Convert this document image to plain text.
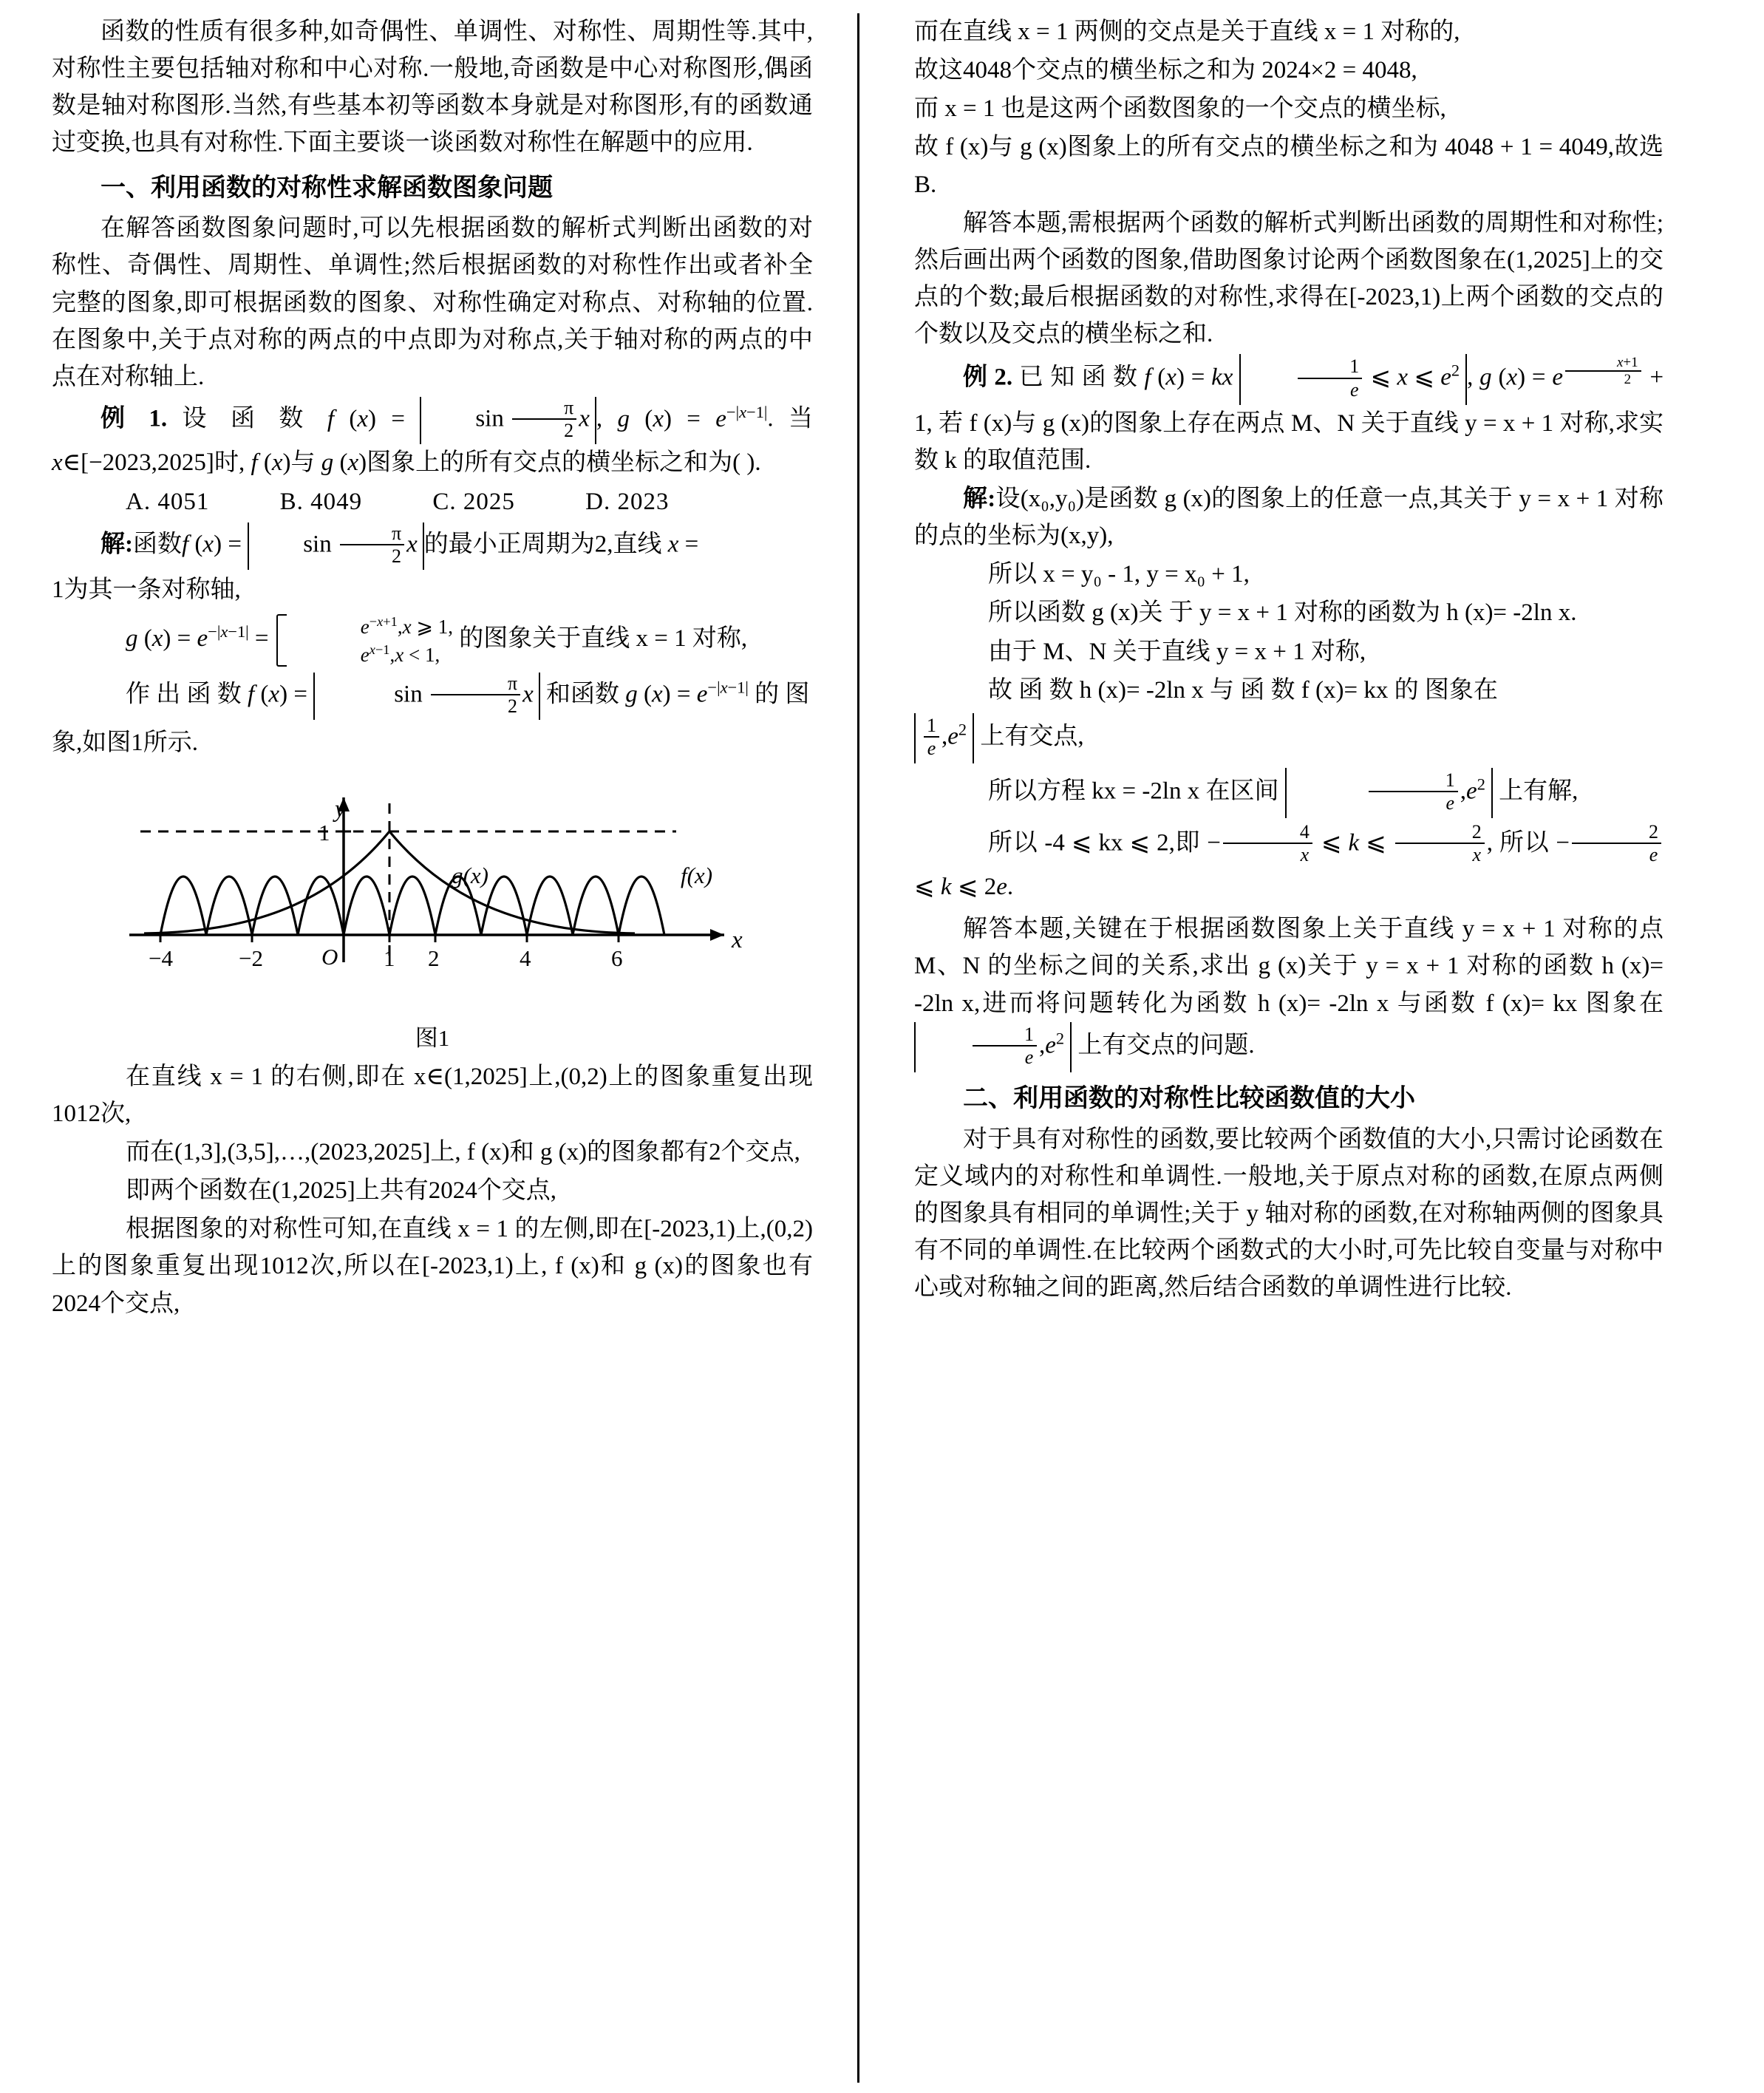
函数的性质有很多种,如奇偶性、单调性、对称性、周期性等.其中,对称性主要包括轴对称和中心对称.一般地,奇函数是中心对称图形,偶函数是轴对称图形.当然,有些基本初等函数本身就是对称图形,有的函数通过变换,也具有对称性.下面主要谈一谈函数对称性在解题中的应用.

一、利用函数的对称性求解函数图象问题

在解答函数图象问题时,可以先根据函数的解析式判断出函数的对称性、奇偶性、周期性、单调性;然后根据函数的对称性作出或者补全完整的图象,即可根据函数的图象、对称性确定对称点、对称轴的位置.在图象中,关于点对称的两点的中点即为对称点,关于轴对称的两点的中点在对称轴上.

例 1. 设 函 数 f $(x) = \sin \frac{\pi}{2}$ x , g $(x) = e^{-|x-1|}$. 当 x∈[−2023,2025]时, f (x)与 g (x)图象上的所有交点的横坐标之和为( ).

A. 4051	B. 4049	C. 2025	D. 2023

解:函数f $(x) = \sin \frac{\pi}{2}$ x 的最小正周期为2,直线 x =

1为其一条对称轴,

g $(x) = e^{-|x-1|}$ =	$e^{-x+1},x$ ⩾ 1,
$e^{x-1},x < 1$,
的图象关于直线 x = 1 对称,

作 出 函 数 f (x) =	$\sin \frac{\pi}{2}$ x 和函数 g $(x) = e^{-|x-1|}$ 的 图

象,如图1所示.

y
x
O
1
−4	−2	1 2	4	6
g(x)	f(x)
图1

在直线 x = 1 的右侧,即在 x∈(1,2025]上,(0,2)上的图象重复出现1012次,

而在(1,3],(3,5],…,(2023,2025]上, f (x)和 g (x)的图象都有2个交点,

即两个函数在(1,2025]上共有2024个交点,

根据图象的对称性可知,在直线 x = 1 的左侧,即在[-2023,1)上,(0,2)上的图象重复出现1012次,所以在[-2023,1)上, f (x)和 g (x)的图象也有2024个交点,

而在直线 x = 1 两侧的交点是关于直线 x = 1 对称的,

故这4048个交点的横坐标之和为 2024×2 = 4048,

而 x = 1 也是这两个函数图象的一个交点的横坐标,

故 f (x)与 g (x)图象上的所有交点的横坐标之和为 4048 + 1 = 4049,故选B.

解答本题,需根据两个函数的解析式判断出函数的周期性和对称性;然后画出两个函数的图象,借助图象讨论两个函数图象在(1,2025]上的交点的个数;最后根据函数的对称性,求得在[-2023,1)上两个函数的交点的个数以及交点的横坐标之和.

例 2. 已 知 函 数 f (x) = kx	$\frac{1}{e}$ ⩽ x ⩽ $e^2$ , g (x) = e $^{\frac{x+1}{2}}$ + 1, 若 f (x)与 g (x)的图象上存在两点 M、N 关于直线 y = x + 1 对称,求实数 k 的取值范围.

解:设(x₀,y₀)是函数 g (x)的图象上的任意一点,其关于 y = x + 1 对称的点的坐标为(x,y),

所以 x = y₀ - 1, y = x₀ + 1,

所以函数 g (x)关 于 y = x + 1 对称的函数为 h (x)= -2ln x.

由于 M、N 关于直线 y = x + 1 对称,

故 函 数 h (x)= -2ln x 与 函 数 f (x)= kx 的 图象在

$\frac{1}{e} ,e^2$ 上有交点,

所以方程 kx = -2ln x 在区间	$\frac{1}{e} ,e^2$ 上有解,

所以 -4 ⩽ kx ⩽ 2,即 − $\frac{4}{x}$ ⩽ k ⩽ $\frac{2}{x}$ , 所以 − $\frac{2}{e}$
⩽ k ⩽ 2e.

解答本题,关键在于根据函数图象上关于直线 y = x + 1 对称的点 M、N 的坐标之间的关系,求出 g (x)关于 y = x + 1 对称的函数 h (x)= -2ln x,进而将问题转化为函数 h (x)= -2ln x 与函数 f (x)= kx 图象在
$\frac{1}{e} ,e^2$ 上有交点的问题.

二、利用函数的对称性比较函数值的大小

对于具有对称性的函数,要比较两个函数值的大小,只需讨论函数在定义域内的对称性和单调性.一般地,关于原点对称的函数,在原点两侧的图象具有相同的单调性;关于 y 轴对称的函数,在对称轴两侧的图象具有不同的单调性.在比较两个函数式的大小时,可先比较自变量与对称中心或对称轴之间的距离,然后结合函数的单调性进行比较.
